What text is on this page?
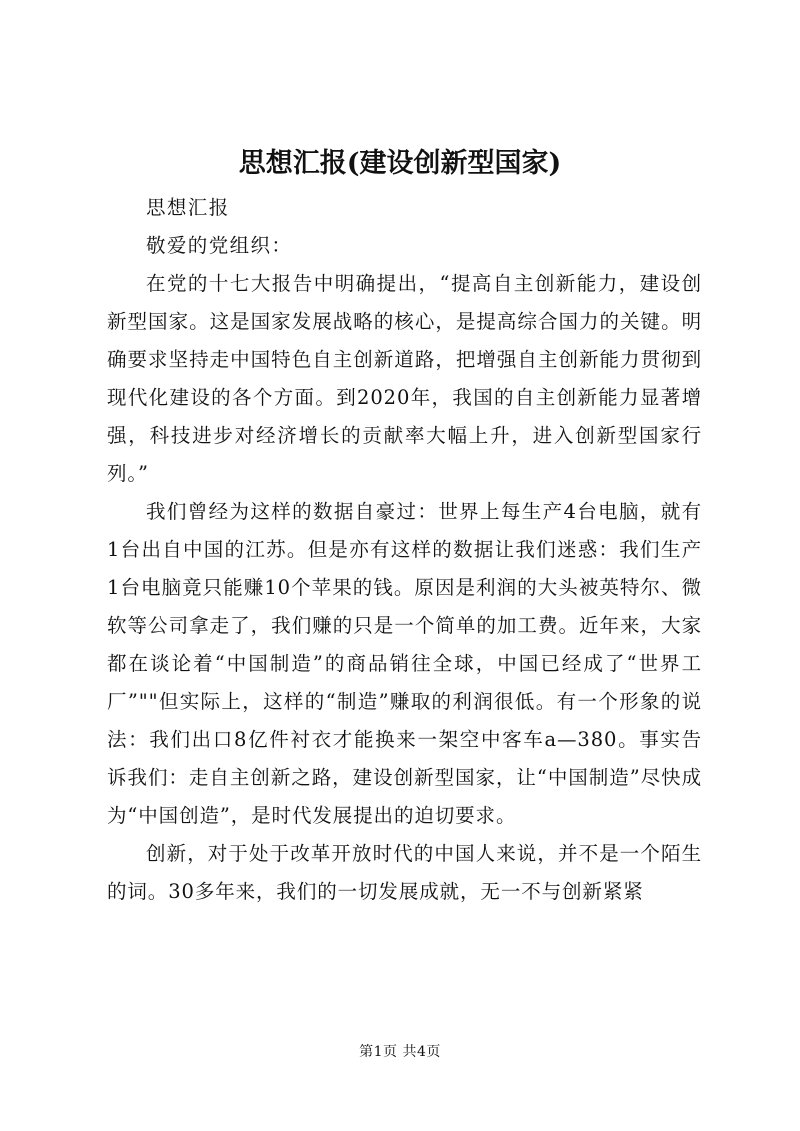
思想汇报(建设创新型国家)

思想汇报

敬爱的党组织：

在党的十七大报告中明确提出，“提高自主创新能力，建设创新型国家。这是国家发展战略的核心，是提高综合国力的关键。明确要求坚持走中国特色自主创新道路，把增强自主创新能力贯彻到现代化建设的各个方面。到2020年，我国的自主创新能力显著增强，科技进步对经济增长的贡献率大幅上升，进入创新型国家行列。”

我们曾经为这样的数据自豪过：世界上每生产4台电脑，就有1台出自中国的江苏。但是亦有这样的数据让我们迷惑：我们生产1台电脑竟只能赚10个苹果的钱。原因是利润的大头被英特尔、微软等公司拿走了，我们赚的只是一个简单的加工费。近年来，大家都在谈论着“中国制造”的商品销往全球，中国已经成了“世界工厂”""但实际上，这样的“制造”赚取的利润很低。有一个形象的说法：我们出口8亿件衬衣才能换来一架空中客车a—380。事实告诉我们：走自主创新之路，建设创新型国家，让“中国制造”尽快成为“中国创造”，是时代发展提出的迫切要求。

创新，对于处于改革开放时代的中国人来说，并不是一个陌生的词。30多年来，我们的一切发展成就，无一不与创新紧紧

第1页 共4页
